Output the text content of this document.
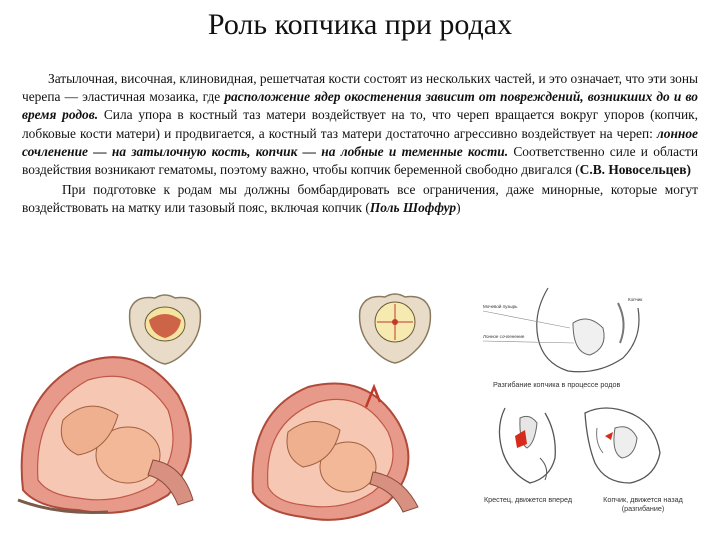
Роль копчика при родах

Затылочная, височная, клиновидная, решетчатая кости состоят из нескольких частей, и это означает, что эти зоны черепа — эластичная мозаика, где расположение ядер окостенения зависит от повреждений, возникших до и во время родов. Сила упора в костный таз матери воздействует на то, что череп вращается вокруг упоров (копчик, лобковые кости матери) и продвигается, а костный таз матери достаточно агрессивно воздействует на череп: лонное сочленение — на затылочную кость, копчик — на лобные и теменные кости. Соответственно силе и области воздействия возникают гематомы, поэтому важно, чтобы копчик беременной свободно двигался (С.В. Новосельцев)

При подготовке к родам мы должны бомбардировать все ограничения, даже минорные, которые могут воздействовать на матку или тазовый пояс, включая копчик (Поль Шоффур)

Мочевой пузырь
Лонное сочленение
Копчик
Разгибание копчика в процессе родов
Крестец, движется вперед	Копчик, движется назад (разгибание)
